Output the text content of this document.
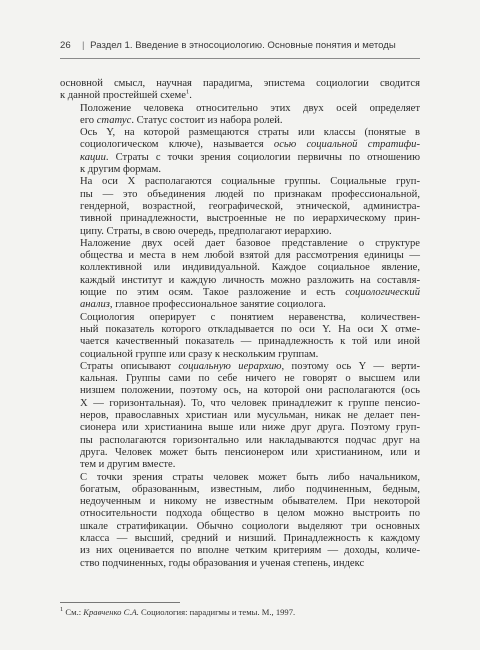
26 | Раздел 1. Введение в этносоциологию. Основные понятия и методы

основной смысл, научная парадигма, эпистема социологии сводится
к данной простейшей схеме$^1$.

Положение человека относительно этих двух осей определяет
его статус. Статус состоит из набора ролей.

Ось Y, на которой размещаются страты или классы (понятые в
социологическом ключе), называется осью социальной стратифи-
кации. Страты с точки зрения социологии первичны по отношению
к другим формам.

На оси X располагаются социальные группы. Социальные груп-
пы — это объединения людей по признакам профессиональной,
гендерной, возрастной, географической, этнической, администра-
тивной принадлежности, выстроенные не по иерархическому прин-
ципу. Страты, в свою очередь, предполагают иерархию.

Наложение двух осей дает базовое представление о структуре
общества и места в нем любой взятой для рассмотрения единицы —
коллективной или индивидуальной. Каждое социальное явление,
каждый институт и каждую личность можно разложить на составля-
ющие по этим осям. Такое разложение и есть социологический
анализ, главное профессиональное занятие социолога.

Социология оперирует с понятием неравенства, количествен-
ный показатель которого откладывается по оси Y. На оси X отме-
чается качественный показатель — принадлежность к той или иной
социальной группе или сразу к нескольким группам.

Страты описывают социальную иерархию, поэтому ось Y — верти-
кальная. Группы сами по себе ничего не говорят о высшем или
низшем положении, поэтому ось, на которой они располагаются (ось
X — горизонтальная). То, что человек принадлежит к группе пенсио-
неров, православных христиан или мусульман, никак не делает пен-
сионера или христианина выше или ниже друг друга. Поэтому груп-
пы располагаются горизонтально или накладываются подчас друг на
друга. Человек может быть пенсионером или христианином, или и
тем и другим вместе.

С точки зрения страты человек может быть либо начальником,
богатым, образованным, известным, либо подчиненным, бедным,
недоученным и никому не известным обывателем. При некоторой
относительности подхода общество в целом можно выстроить по
шкале стратификации. Обычно социологи выделяют три основных
класса — высший, средний и низший. Принадлежность к каждому
из них оценивается по вполне четким критериям — доходы, количе-
ство подчиненных, годы образования и ученая степень, индекс

$^1$ См.: Кравченко С.А. Социология: парадигмы и темы. М., 1997.
